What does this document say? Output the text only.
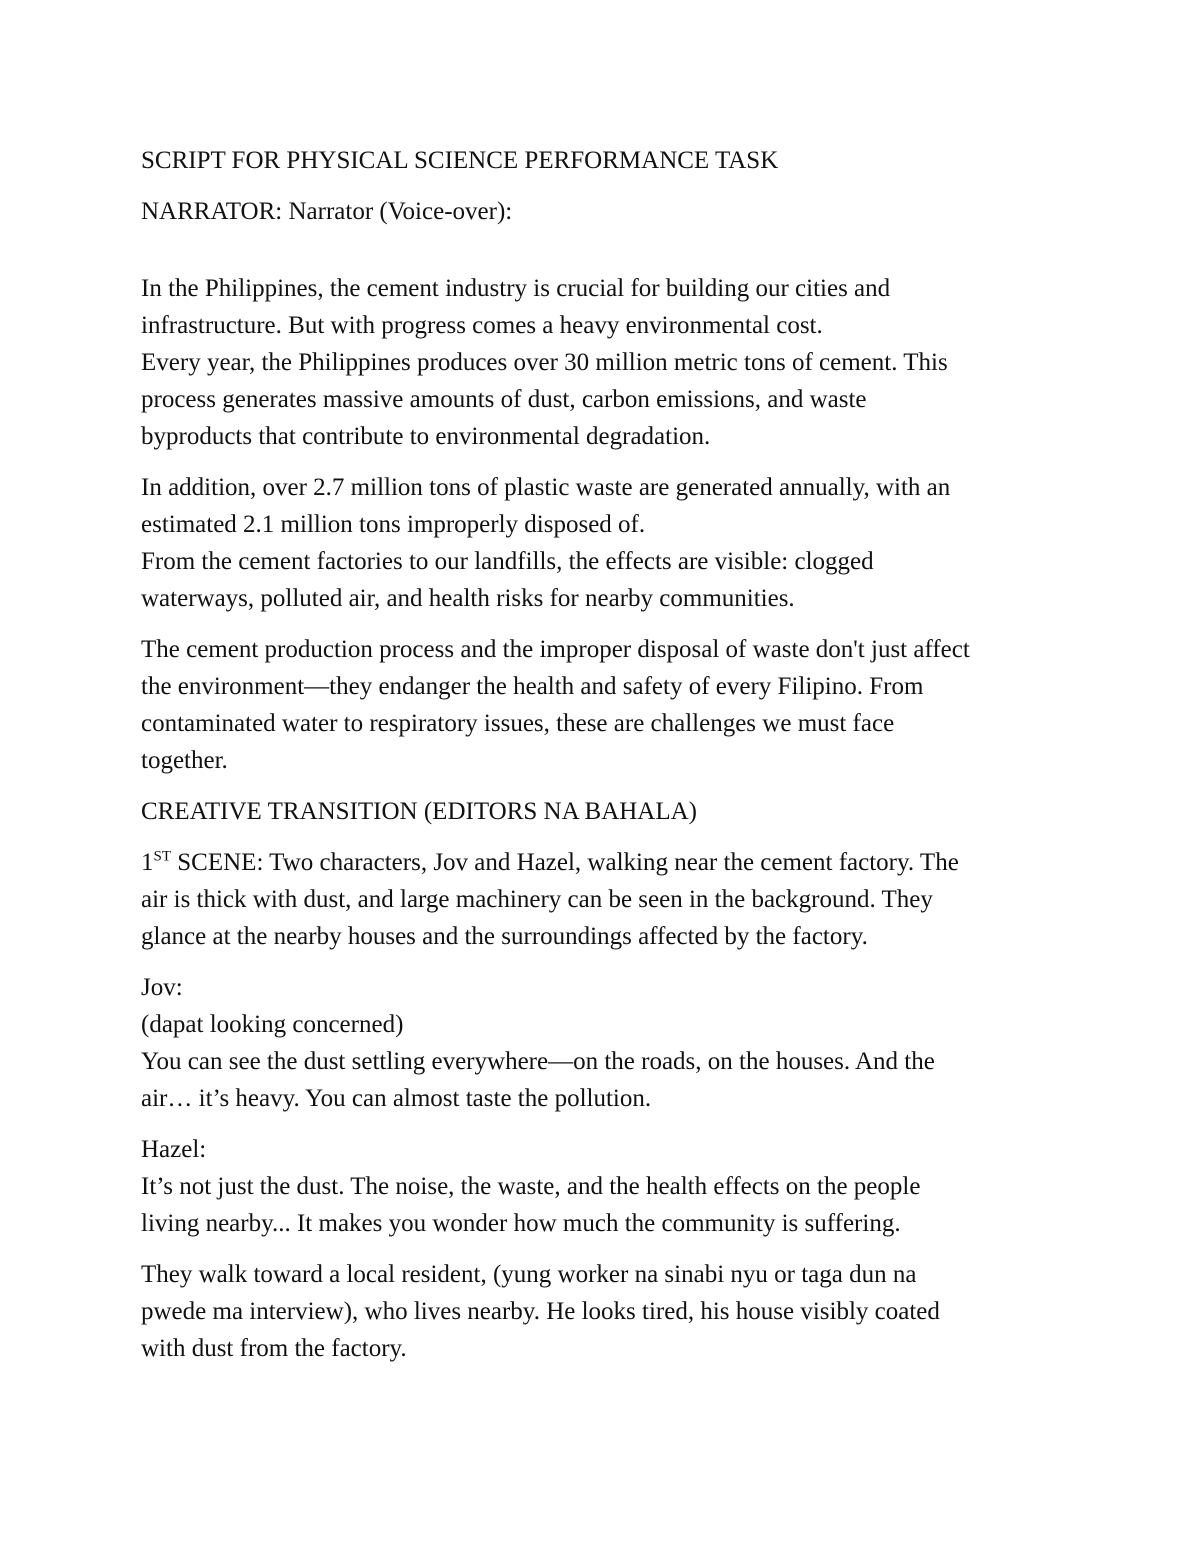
SCRIPT FOR PHYSICAL SCIENCE PERFORMANCE TASK

NARRATOR: Narrator (Voice-over):

In the Philippines, the cement industry is crucial for building our cities and
infrastructure. But with progress comes a heavy environmental cost.
Every year, the Philippines produces over 30 million metric tons of cement. This
process generates massive amounts of dust, carbon emissions, and waste
byproducts that contribute to environmental degradation.

In addition, over 2.7 million tons of plastic waste are generated annually, with an
estimated 2.1 million tons improperly disposed of.
From the cement factories to our landfills, the effects are visible: clogged
waterways, polluted air, and health risks for nearby communities.

The cement production process and the improper disposal of waste don't just affect
the environment—they endanger the health and safety of every Filipino. From
contaminated water to respiratory issues, these are challenges we must face
together.

CREATIVE TRANSITION (EDITORS NA BAHALA)

1ST SCENE: Two characters, Jov and Hazel, walking near the cement factory. The
air is thick with dust, and large machinery can be seen in the background. They
glance at the nearby houses and the surroundings affected by the factory.

Jov:
(dapat looking concerned)
You can see the dust settling everywhere—on the roads, on the houses. And the
air… it’s heavy. You can almost taste the pollution.

Hazel:
It’s not just the dust. The noise, the waste, and the health effects on the people
living nearby... It makes you wonder how much the community is suffering.

They walk toward a local resident, (yung worker na sinabi nyu or taga dun na
pwede ma interview), who lives nearby. He looks tired, his house visibly coated
with dust from the factory.
